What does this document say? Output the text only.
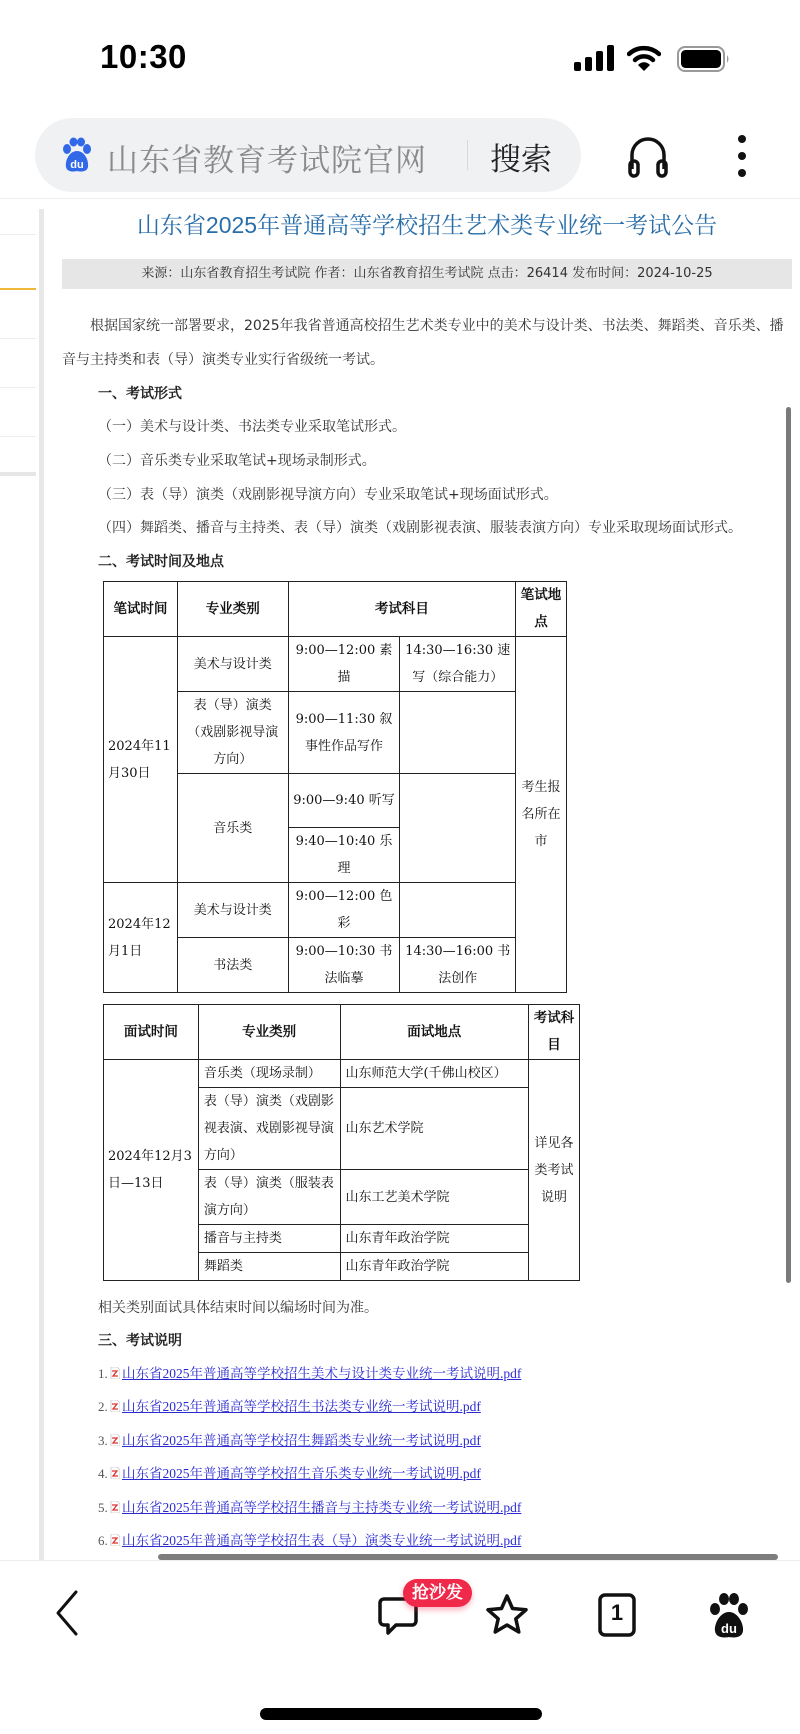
10:30
du 山东省教育考试院官网 搜索
山东省2025年普通高等学校招生艺术类专业统一考试公告
来源：山东省教育招生考试院 作者：山东省教育招生考试院 点击：26414 发布时间：2024-10-25
根据国家统一部署要求，2025年我省普通高校招生艺术类专业中的美术与设计类、书法类、舞蹈类、音乐类、播
音与主持类和表（导）演类专业实行省级统一考试。
一、考试形式
（一）美术与设计类、书法类专业采取笔试形式。
（二）音乐类专业采取笔试+现场录制形式。
（三）表（导）演类（戏剧影视导演方向）专业采取笔试+现场面试形式。
（四）舞蹈类、播音与主持类、表（导）演类（戏剧影视表演、服装表演方向）专业采取现场面试形式。
二、考试时间及地点
笔试时间	专业类别	考试科目		笔试地点
2024年11月30日	美术与设计类	9:00—12:00 素描	14:30—16:30 速写（综合能力）	考生报名所在市
	表（导）演类（戏剧影视导演方向）	9:00—11:30 叙事性作品写作		
	音乐类	9:00—9:40 听写		
		9:40—10:40 乐理		
2024年12月1日	美术与设计类	9:00—12:00 色彩		
	书法类	9:00—10:30 书法临摹	14:30—16:00 书法创作	
面试时间	专业类别	面试地点	考试科目
2024年12月3日—13日	音乐类（现场录制）	山东师范大学(千佛山校区）	详见各类考试说明
	表（导）演类（戏剧影视表演、戏剧影视导演方向）	山东艺术学院	
	表（导）演类（服装表演方向）	山东工艺美术学院	
	播音与主持类	山东青年政治学院	
	舞蹈类	山东青年政治学院	
相关类别面试具体结束时间以编场时间为准。
三、考试说明
1. 山东省2025年普通高等学校招生美术与设计类专业统一考试说明.pdf
2. 山东省2025年普通高等学校招生书法类专业统一考试说明.pdf
3. 山东省2025年普通高等学校招生舞蹈类专业统一考试说明.pdf
4. 山东省2025年普通高等学校招生音乐类专业统一考试说明.pdf
5. 山东省2025年普通高等学校招生播音与主持类专业统一考试说明.pdf
6. 山东省2025年普通高等学校招生表（导）演类专业统一考试说明.pdf
抢沙发
1
du
